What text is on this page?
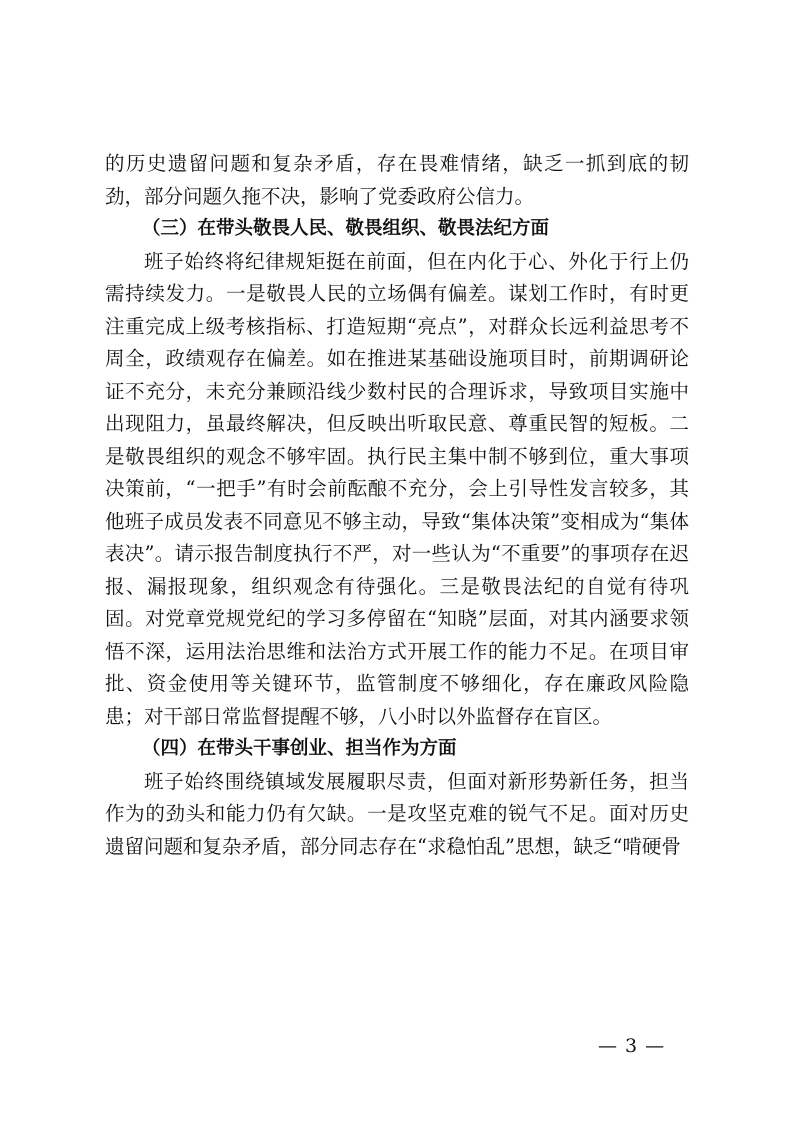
的历史遗留问题和复杂矛盾，存在畏难情绪，缺乏一抓到底的韧劲，部分问题久拖不决，影响了党委政府公信力。

（三）在带头敬畏人民、敬畏组织、敬畏法纪方面

班子始终将纪律规矩挺在前面，但在内化于心、外化于行上仍需持续发力。一是敬畏人民的立场偶有偏差。谋划工作时，有时更注重完成上级考核指标、打造短期“亮点”，对群众长远利益思考不周全，政绩观存在偏差。如在推进某基础设施项目时，前期调研论证不充分，未充分兼顾沿线少数村民的合理诉求，导致项目实施中出现阻力，虽最终解决，但反映出听取民意、尊重民智的短板。二是敬畏组织的观念不够牢固。执行民主集中制不够到位，重大事项决策前，“一把手”有时会前酝酿不充分，会上引导性发言较多，其他班子成员发表不同意见不够主动，导致“集体决策”变相成为“集体表决”。请示报告制度执行不严，对一些认为“不重要”的事项存在迟报、漏报现象，组织观念有待强化。三是敬畏法纪的自觉有待巩固。对党章党规党纪的学习多停留在“知晓”层面，对其内涵要求领悟不深，运用法治思维和法治方式开展工作的能力不足。在项目审批、资金使用等关键环节，监管制度不够细化，存在廉政风险隐患；对干部日常监督提醒不够，八小时以外监督存在盲区。

（四）在带头干事创业、担当作为方面

班子始终围绕镇域发展履职尽责，但面对新形势新任务，担当作为的劲头和能力仍有欠缺。一是攻坚克难的锐气不足。面对历史遗留问题和复杂矛盾，部分同志存在“求稳怕乱”思想，缺乏“啃硬骨

— 3 —
